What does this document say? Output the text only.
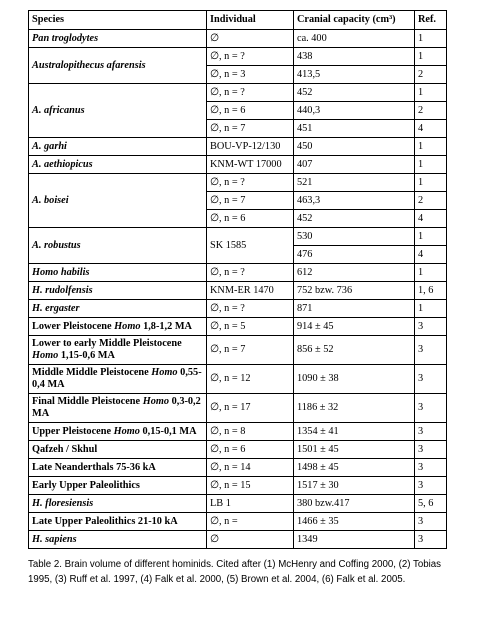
Species	Individual	Cranial capacity (cm³)	Ref.
Pan troglodytes	∅	ca. 400	1
Australopithecus afarensis	∅, n = ?	438	1
	∅, n = 3	413,5	2
A. africanus	∅, n = ?	452	1
	∅, n = 6	440,3	2
	∅, n = 7	451	4
A. garhi	BOU-VP-12/130	450	1
A. aethiopicus	KNM-WT 17000	407	1
A. boisei	∅, n = ?	521	1
	∅, n = 7	463,3	2
	∅, n = 6	452	4
A. robustus	SK 1585	530	1
		476	4
Homo habilis	∅, n = ?	612	1
H. rudolfensis	KNM-ER 1470	752 bzw. 736	1, 6
H. ergaster	∅, n = ?	871	1
Lower Pleistocene Homo 1,8-1,2 MA	∅, n = 5	914 ± 45	3
Lower to early Middle Pleistocene Homo 1,15-0,6 MA	∅, n = 7	856 ± 52	3
Middle Middle Pleistocene Homo 0,55-0,4 MA	∅, n = 12	1090 ± 38	3
Final Middle Pleistocene Homo 0,3-0,2 MA	∅, n = 17	1186 ± 32	3
Upper Pleistocene Homo 0,15-0,1 MA	∅, n = 8	1354 ± 41	3
Qafzeh / Skhul	∅, n = 6	1501 ± 45	3
Late Neanderthals 75-36 kA	∅, n = 14	1498 ± 45	3
Early Upper Paleolithics	∅, n = 15	1517 ± 30	3
H. floresiensis	LB 1	380 bzw.417	5, 6
Late Upper Paleolithics 21-10 kA	∅, n =	1466 ± 35	3
H. sapiens	∅	1349	3

Table 2. Brain volume of different hominids. Cited after (1) McHenry and Coffing 2000, (2) Tobias 1995, (3) Ruff et al. 1997, (4) Falk et al. 2000, (5) Brown et al. 2004, (6) Falk et al. 2005.
